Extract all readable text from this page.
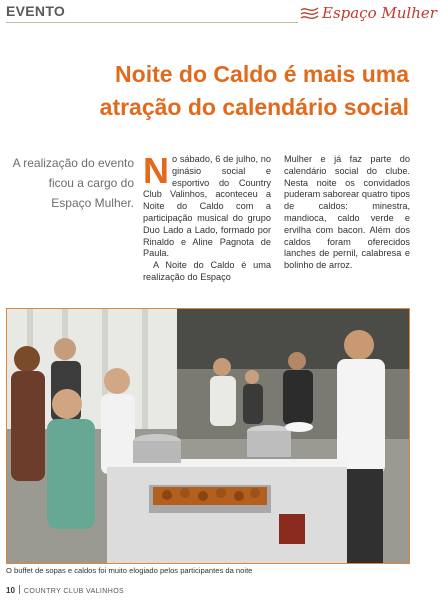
EVENTO	Espaço Mulher
Noite do Caldo é mais uma atração do calendário social

A realização do evento ficou a cargo do Espaço Mulher.

No sábado, 6 de julho, no ginásio social e esportivo do Country Club Valinhos, aconteceu a Noite do Caldo com a participação musical do grupo Duo Lado a Lado, formado por Rinaldo e Aline Pagnota de Paula.

A Noite do Caldo é uma realização do Espaço

Mulher e já faz parte do calendário social do clube. Nesta noite os convidados puderam saborear quatro tipos de caldos: minestra, mandioca, caldo verde e ervilha com bacon. Além dos caldos foram oferecidos lanches de pernil, calabresa e bolinho de arroz.

O buffet de sopas e caldos foi muito elogiado pelos participantes da noite
10 COUNTRY CLUB VALINHOS
